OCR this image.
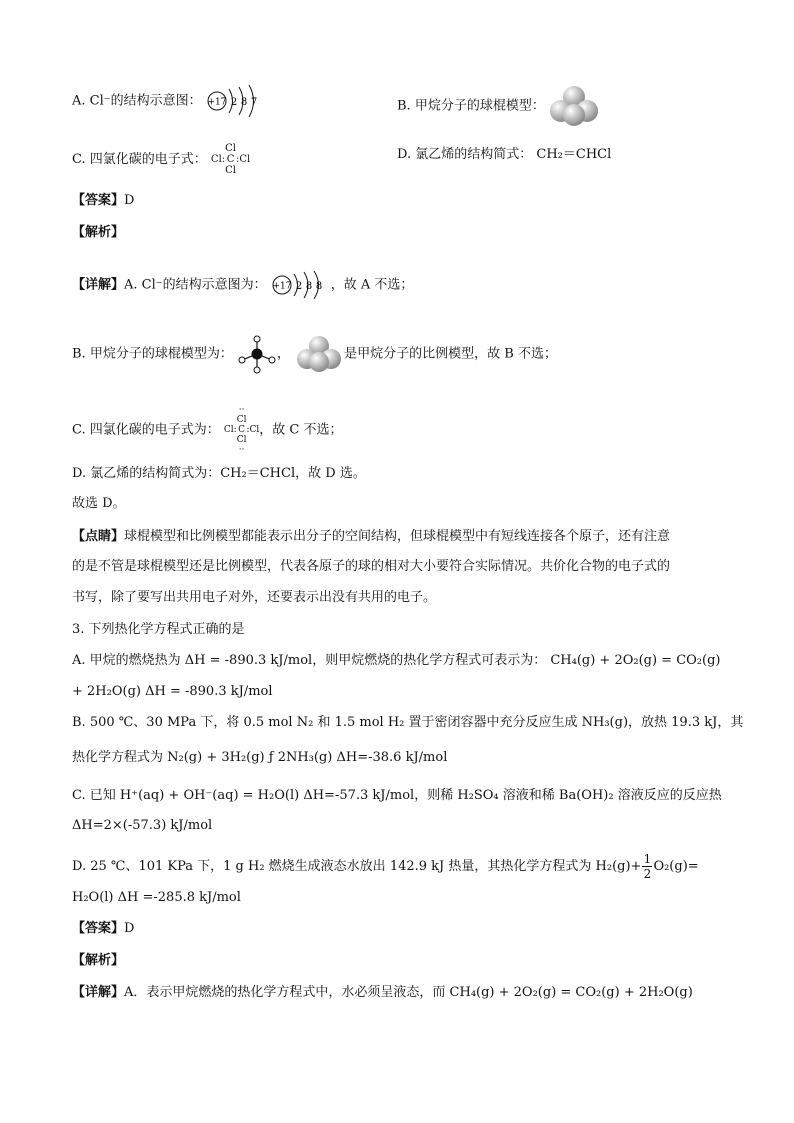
A. Cl⁻的结构示意图： +17 2 8 7	B. 甲烷分子的球棍模型：
C. 四氯化碳的电子式：
Cl
Cl : C : Cl
Cl
D. 氯乙烯的结构简式： CH₂＝CHCl
【答案】D
【解析】
【详解】A. Cl⁻的结构示意图为： +17 2 8 8 ，故 A 不选；
B. 甲烷分子的球棍模型为：	，	是甲烷分子的比例模型，故 B 不选；
C. 四氯化碳的电子式为：
··
Cl
Cl : C : Cl
Cl
··
，故 C 不选；
D. 氯乙烯的结构简式为：CH₂＝CHCl，故 D 选。
故选 D。
【点睛】球棍模型和比例模型都能表示出分子的空间结构，但球棍模型中有短线连接各个原子，还有注意
的是不管是球棍模型还是比例模型，代表各原子的球的相对大小要符合实际情况。共价化合物的电子式的
书写，除了要写出共用电子对外，还要表示出没有共用的电子。
3. 下列热化学方程式正确的是
A. 甲烷的燃烧热为 ΔH = -890.3 kJ/mol，则甲烷燃烧的热化学方程式可表示为： CH₄(g) + 2O₂(g) = CO₂(g)
+ 2H₂O(g) ΔH = -890.3 kJ/mol
B. 500 ℃、30 MPa 下，将 0.5 mol N₂ 和 1.5 mol H₂ 置于密闭容器中充分反应生成 NH₃(g)，放热 19.3 kJ，其
热化学方程式为 N₂(g) + 3H₂(g) ƒ 2NH₃(g) ΔH=-38.6 kJ/mol
C. 已知 H⁺(aq) + OH⁻(aq) = H₂O(l) ΔH=-57.3 kJ/mol，则稀 H₂SO₄ 溶液和稀 Ba(OH)₂ 溶液反应的反应热
ΔH=2×(-57.3) kJ/mol
D. 25 ℃、101 KPa 下，1 g H₂ 燃烧生成液态水放出 142.9 kJ 热量，其热化学方程式为 $H_2(g)+ \frac{1}{2} O_2(g)=$
H₂O(l) ΔH =-285.8 kJ/mol
【答案】D
【解析】
【详解】A．表示甲烷燃烧的热化学方程式中，水必须呈液态，而 CH₄(g) + 2O₂(g) = CO₂(g) + 2H₂O(g)
